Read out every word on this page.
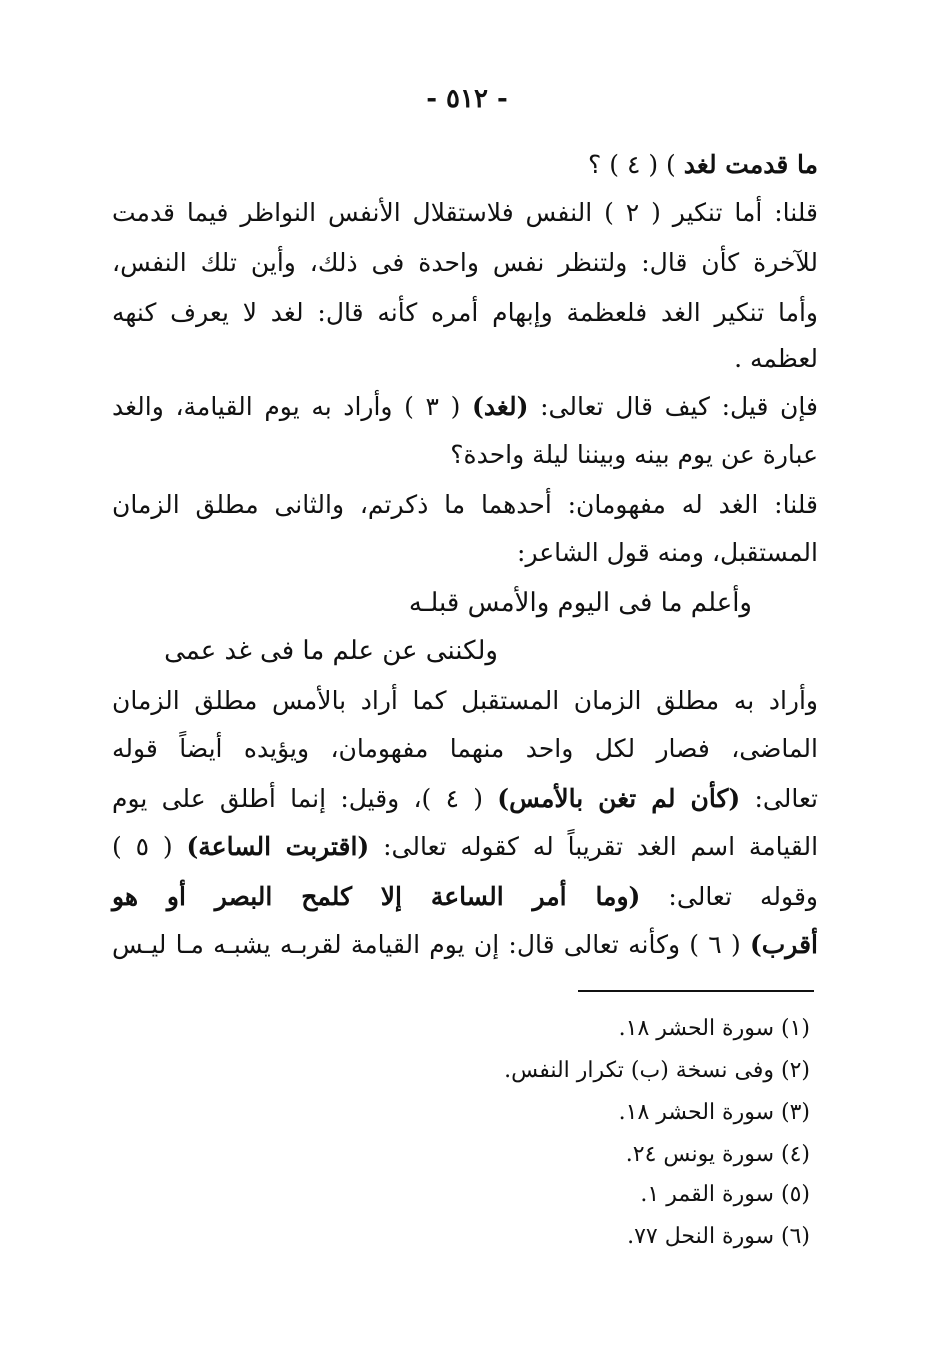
- ٥١٢ -
ما قدمت لغد ) ( ٤ ) ؟
قلنا: أما تنكير ( ٢ ) النفس فلاستقلال الأنفس النواظر فيما قدمت
للآخرة كأن قال: ولتنظر نفس واحدة فى ذلك، وأين تلك النفس،
وأما تنكير الغد فلعظمة وإبهام أمره كأنه قال: لغد لا يعرف كنهه
لعظمه .
فإن قيل: كيف قال تعالى: (لغد) ( ٣ ) وأراد به يوم القيامة، والغد
عبارة عن يوم بينه وبيننا ليلة واحدة؟
قلنا: الغد له مفهومان: أحدهما ما ذكرتم، والثانى مطلق الزمان
المستقبل، ومنه قول الشاعر:
وأعلم ما فى اليوم والأمس قبلـه
ولكننى عن علم ما فى غد عمى
وأراد به مطلق الزمان المستقبل كما أراد بالأمس مطلق الزمان
الماضى، فصار لكل واحد منهما مفهومان، ويؤيده أيضاً قوله
تعالى: (كأن لم تغن بالأمس) ( ٤ )، وقيل: إنما أطلق على يوم
القيامة اسم الغد تقريباً له كقوله تعالى: (اقتربت الساعة) ( ٥ )
وقوله تعالى: (وما أمر الساعة إلا كلمح البصر أو هو
أقرب) ( ٦ ) وكأنه تعالى قال: إن يوم القيامة لقربـه يشبـه مـا ليـس
(١) سورة الحشر ١٨.
(٢) وفى نسخة (ب) تكرار النفس.
(٣) سورة الحشر ١٨.
(٤) سورة يونس ٢٤.
(٥) سورة القمر ١.
(٦) سورة النحل ٧٧.
